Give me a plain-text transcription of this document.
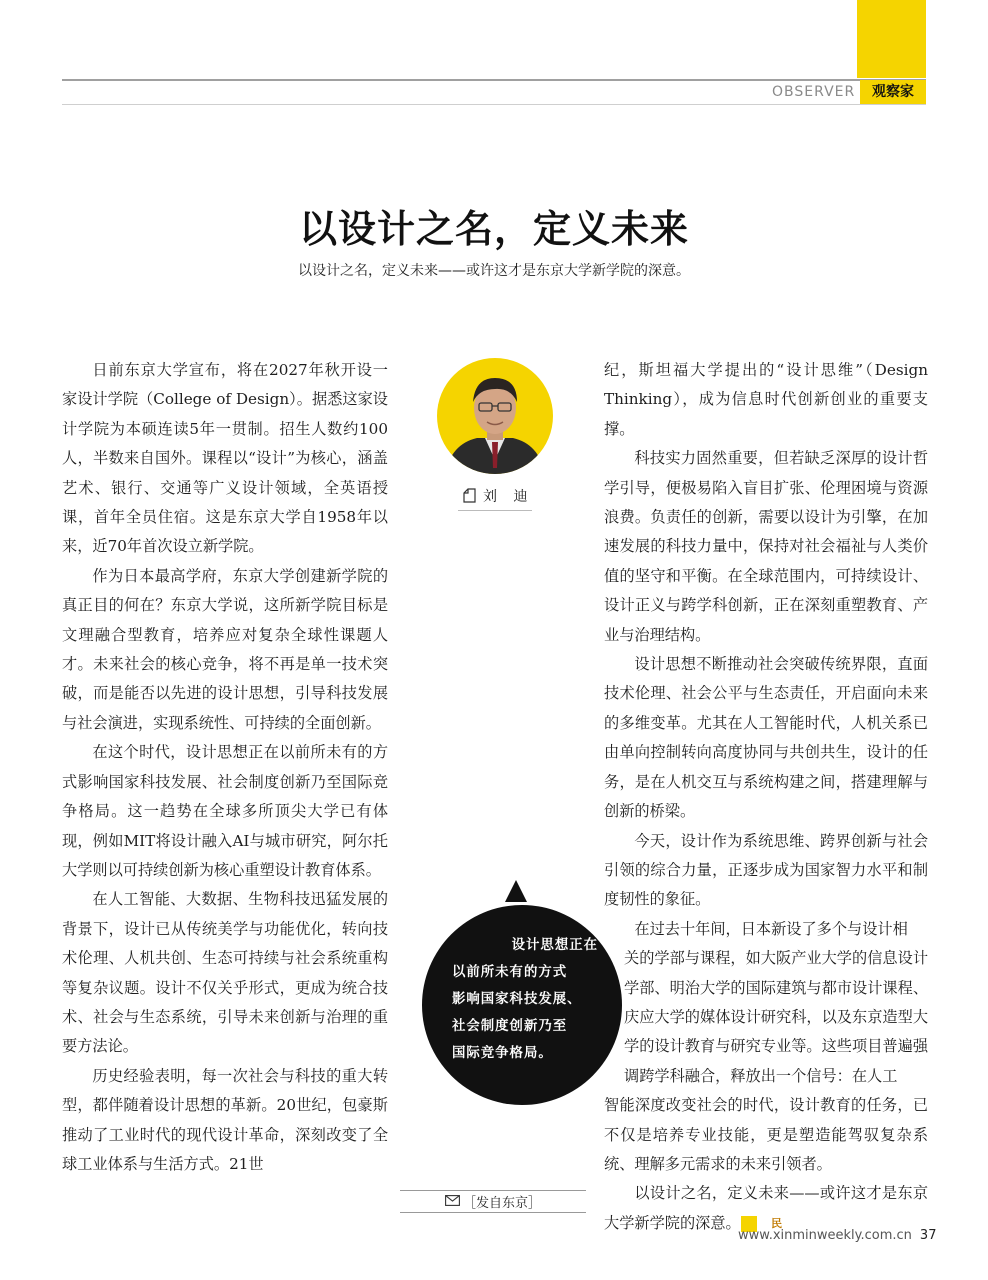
OBSERVER	观察家
以设计之名，定义未来
以设计之名，定义未来——或许这才是东京大学新学院的深意。

日前东京大学宣布，将在2027年秋开设一家设计学院（College of Design）。据悉这家设计学院为本硕连读5年一贯制。招生人数约100人，半数来自国外。课程以“设计”为核心，涵盖艺术、银行、交通等广义设计领域，全英语授课，首年全员住宿。这是东京大学自1958年以来，近70年首次设立新学院。

作为日本最高学府，东京大学创建新学院的真正目的何在？东京大学说，这所新学院目标是文理融合型教育，培养应对复杂全球性课题人才。未来社会的核心竞争，将不再是单一技术突破，而是能否以先进的设计思想，引导科技发展与社会演进，实现系统性、可持续的全面创新。

在这个时代，设计思想正在以前所未有的方式影响国家科技发展、社会制度创新乃至国际竞争格局。这一趋势在全球多所顶尖大学已有体现，例如MIT将设计融入AI与城市研究，阿尔托大学则以可持续创新为核心重塑设计教育体系。

在人工智能、大数据、生物科技迅猛发展的背景下，设计已从传统美学与功能优化，转向技术伦理、人机共创、生态可持续与社会系统重构等复杂议题。设计不仅关乎形式，更成为统合技术、社会与生态系统，引导未来创新与治理的重要方法论。

历史经验表明，每一次社会与科技的重大转型，都伴随着设计思想的革新。20世纪，包豪斯推动了工业时代的现代设计革命，深刻改变了全球工业体系与生活方式。21世

刘 迪
设计思想正在
以前所未有的方式
影响国家科技发展、
社会制度创新乃至
国际竞争格局。

纪，斯坦福大学提出的“设计思维”（Design Thinking），成为信息时代创新创业的重要支撑。

科技实力固然重要，但若缺乏深厚的设计哲学引导，便极易陷入盲目扩张、伦理困境与资源浪费。负责任的创新，需要以设计为引擎，在加速发展的科技力量中，保持对社会福祉与人类价值的坚守和平衡。在全球范围内，可持续设计、设计正义与跨学科创新，正在深刻重塑教育、产业与治理结构。

设计思想不断推动社会突破传统界限，直面技术伦理、社会公平与生态责任，开启面向未来的多维变革。尤其在人工智能时代，人机关系已由单向控制转向高度协同与共创共生，设计的任务，是在人机交互与系统构建之间，搭建理解与创新的桥梁。

今天，设计作为系统思维、跨界创新与社会引领的综合力量，正逐步成为国家智力水平和制度韧性的象征。

在过去十年间，日本新设了多个与设计相

关的学部与课程，如大阪产业大学的信息设计学部、明治大学的国际建筑与都市设计课程、庆应大学的媒体设计研究科，以及东京造型大学的设计教育与研究专业等。这些项目普遍强调跨学科融合，释放出一个信号：在人工

智能深度改变社会的时代，设计教育的任务，已不仅是培养专业技能，更是塑造能驾驭复杂系统、理解多元需求的未来引领者。

以设计之名，定义未来——或许这才是东京大学新学院的深意。	民

［发自东京］
www.xinminweekly.com.cn 37
